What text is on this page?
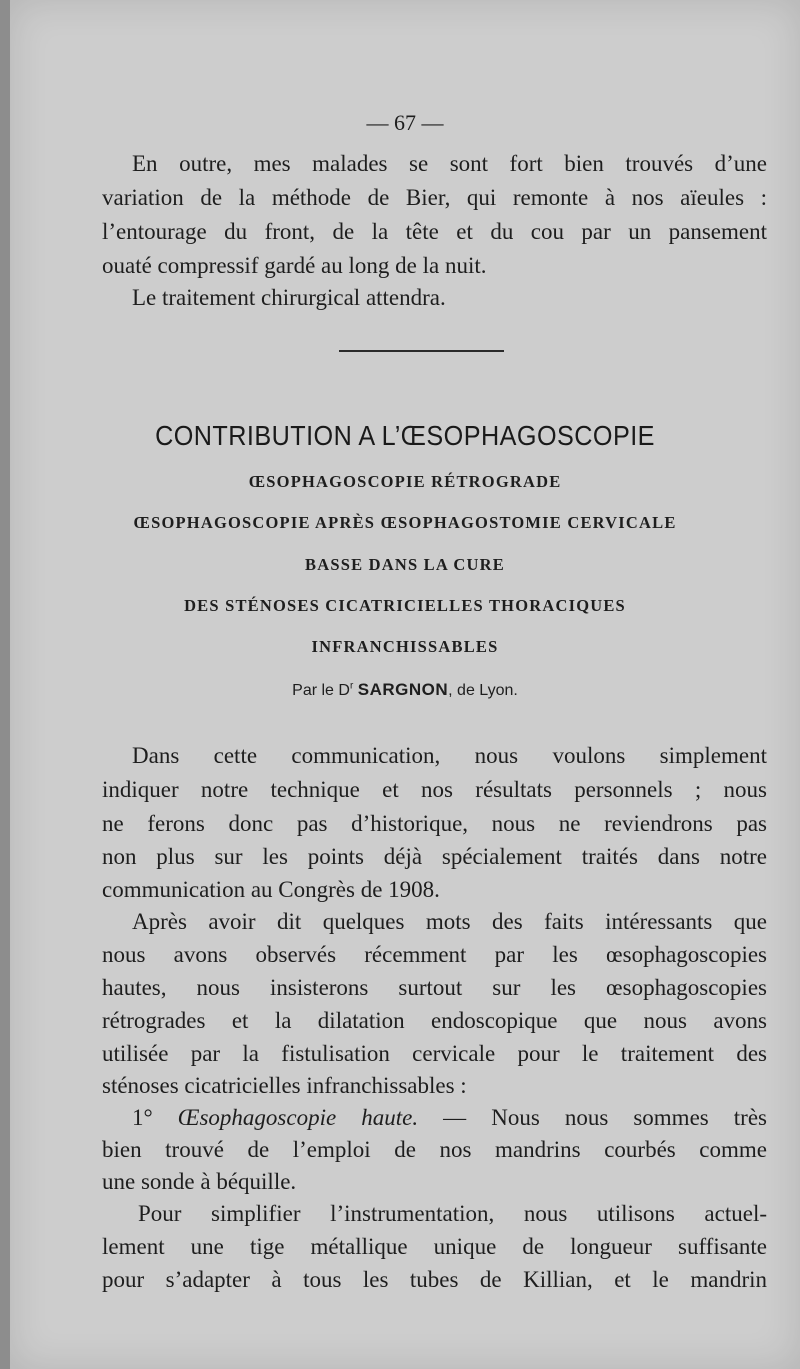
— 67 —
En outre, mes malades se sont fort bien trouvés d’une
variation de la méthode de Bier, qui remonte à nos aïeules :
l’entourage du front, de la tête et du cou par un pansement
ouaté compressif gardé au long de la nuit.
Le traitement chirurgical attendra.
CONTRIBUTION A L’ŒSOPHAGOSCOPIE
ŒSOPHAGOSCOPIE RÉTROGRADE
ŒSOPHAGOSCOPIE APRÈS ŒSOPHAGOSTOMIE CERVICALE
BASSE DANS LA CURE
DES STÉNOSES CICATRICIELLES THORACIQUES
INFRANCHISSABLES
Par le $D^r$ SARGNON, de Lyon.
Dans cette communication, nous voulons simplement
indiquer notre technique et nos résultats personnels ; nous
ne ferons donc pas d’historique, nous ne reviendrons pas
non plus sur les points déjà spécialement traités dans notre
communication au Congrès de 1908.
Après avoir dit quelques mots des faits intéressants que
nous avons observés récemment par les œsophagoscopies
hautes, nous insisterons surtout sur les œsophagoscopies
rétrogrades et la dilatation endoscopique que nous avons
utilisée par la fistulisation cervicale pour le traitement des
sténoses cicatricielles infranchissables :
1° Œsophagoscopie haute. — Nous nous sommes très
bien trouvé de l’emploi de nos mandrins courbés comme
une sonde à béquille.
Pour simplifier l’instrumentation, nous utilisons actuel-
lement une tige métallique unique de longueur suffisante
pour s’adapter à tous les tubes de Killian, et le mandrin
